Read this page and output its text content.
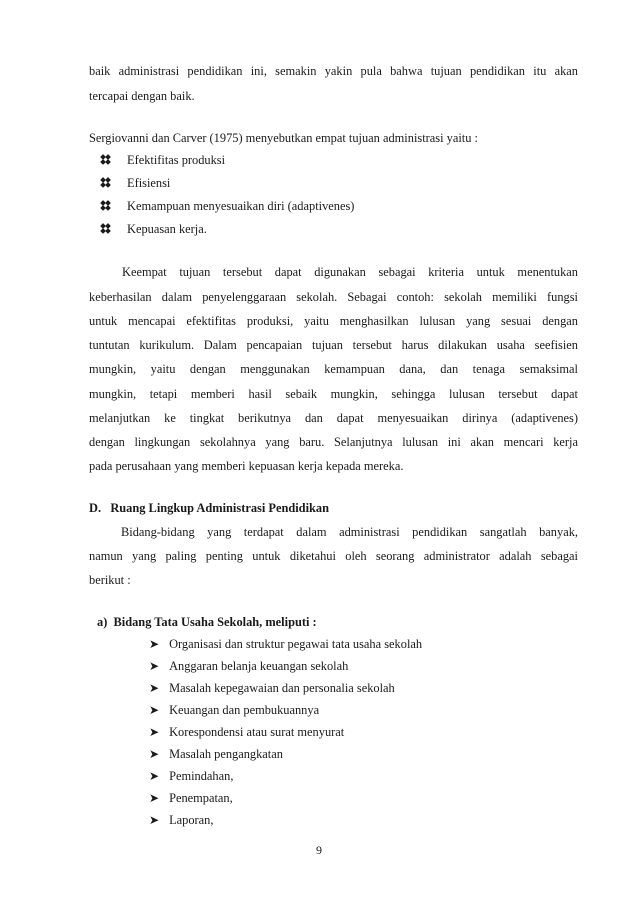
baik administrasi pendidikan ini, semakin yakin pula bahwa tujuan pendidikan itu akan
tercapai dengan baik.
Sergiovanni dan Carver (1975) menyebutkan empat tujuan administrasi yaitu :
Efektifitas produksi
Efisiensi
Kemampuan menyesuaikan diri (adaptivenes)
Kepuasan kerja.
Keempat tujuan tersebut dapat digunakan sebagai kriteria untuk menentukan
keberhasilan dalam penyelenggaraan sekolah. Sebagai contoh: sekolah memiliki fungsi
untuk mencapai efektifitas produksi, yaitu menghasilkan lulusan yang sesuai dengan
tuntutan kurikulum. Dalam pencapaian tujuan tersebut harus dilakukan usaha seefisien
mungkin, yaitu dengan menggunakan kemampuan dana, dan tenaga semaksimal
mungkin, tetapi memberi hasil sebaik mungkin, sehingga lulusan tersebut dapat
melanjutkan ke tingkat berikutnya dan dapat menyesuaikan dirinya (adaptivenes)
dengan lingkungan sekolahnya yang baru. Selanjutnya lulusan ini akan mencari kerja
pada perusahaan yang memberi kepuasan kerja kepada mereka.
D.   Ruang Lingkup Administrasi Pendidikan
Bidang-bidang yang terdapat dalam administrasi pendidikan sangatlah banyak,
namun yang paling penting untuk diketahui oleh seorang administrator adalah sebagai
berikut :
a)  Bidang Tata Usaha Sekolah, meliputi :
➤ Organisasi dan struktur pegawai tata usaha sekolah
➤ Anggaran belanja keuangan sekolah
➤ Masalah kepegawaian dan personalia sekolah
➤ Keuangan dan pembukuannya
➤ Korespondensi atau surat menyurat
➤ Masalah pengangkatan
➤ Pemindahan,
➤ Penempatan,
➤ Laporan,
9
